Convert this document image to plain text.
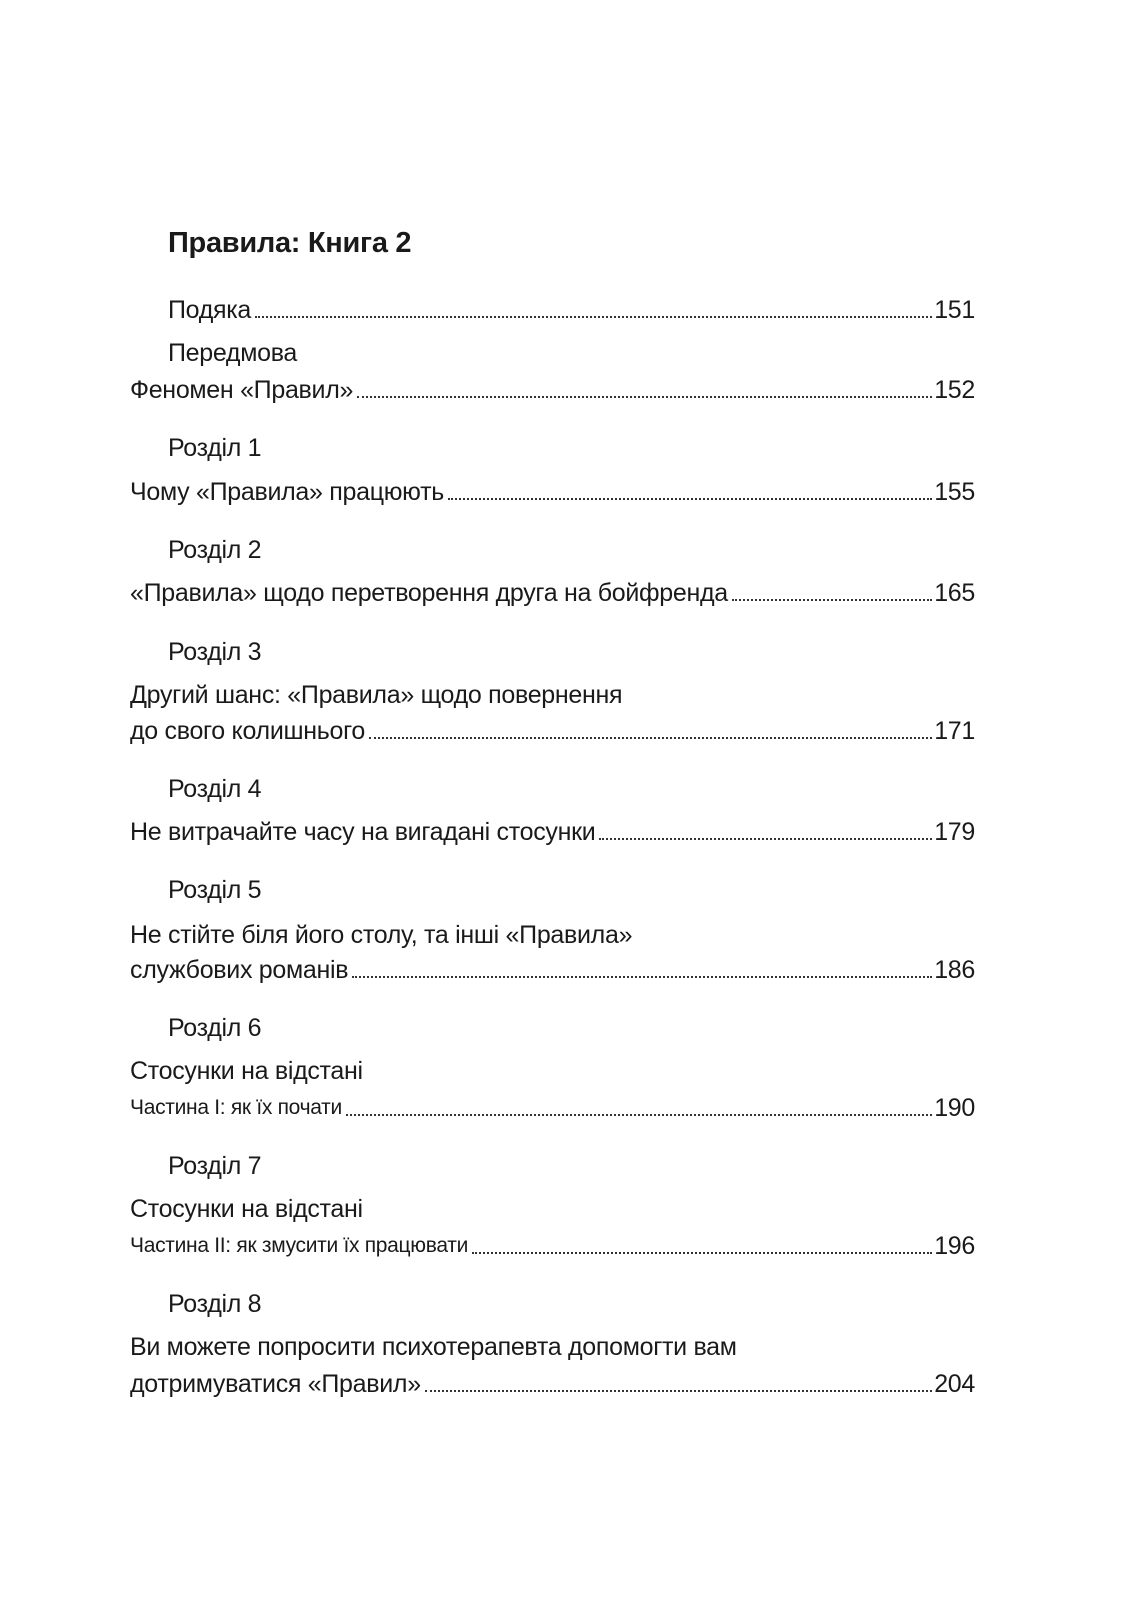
Правила: Книга 2
Подяка	151
Передмова
Феномен «Правил»	152
Розділ 1
Чому «Правила» працюють	155
Розділ 2
«Правила» щодо перетворення друга на бойфренда	165
Розділ 3
Другий шанс: «Правила» щодо повернення
до свого колишнього	171
Розділ 4
Не витрачайте часу на вигадані стосунки	179
Розділ 5
Не стійте біля його столу, та інші «Правила»
службових романів	186
Розділ 6
Стосунки на відстані
Частина I: як їх почати	190
Розділ 7
Стосунки на відстані
Частина II: як змусити їх працювати	196
Розділ 8
Ви можете попросити психотерапевта допомогти вам
дотримуватися «Правил»	204
